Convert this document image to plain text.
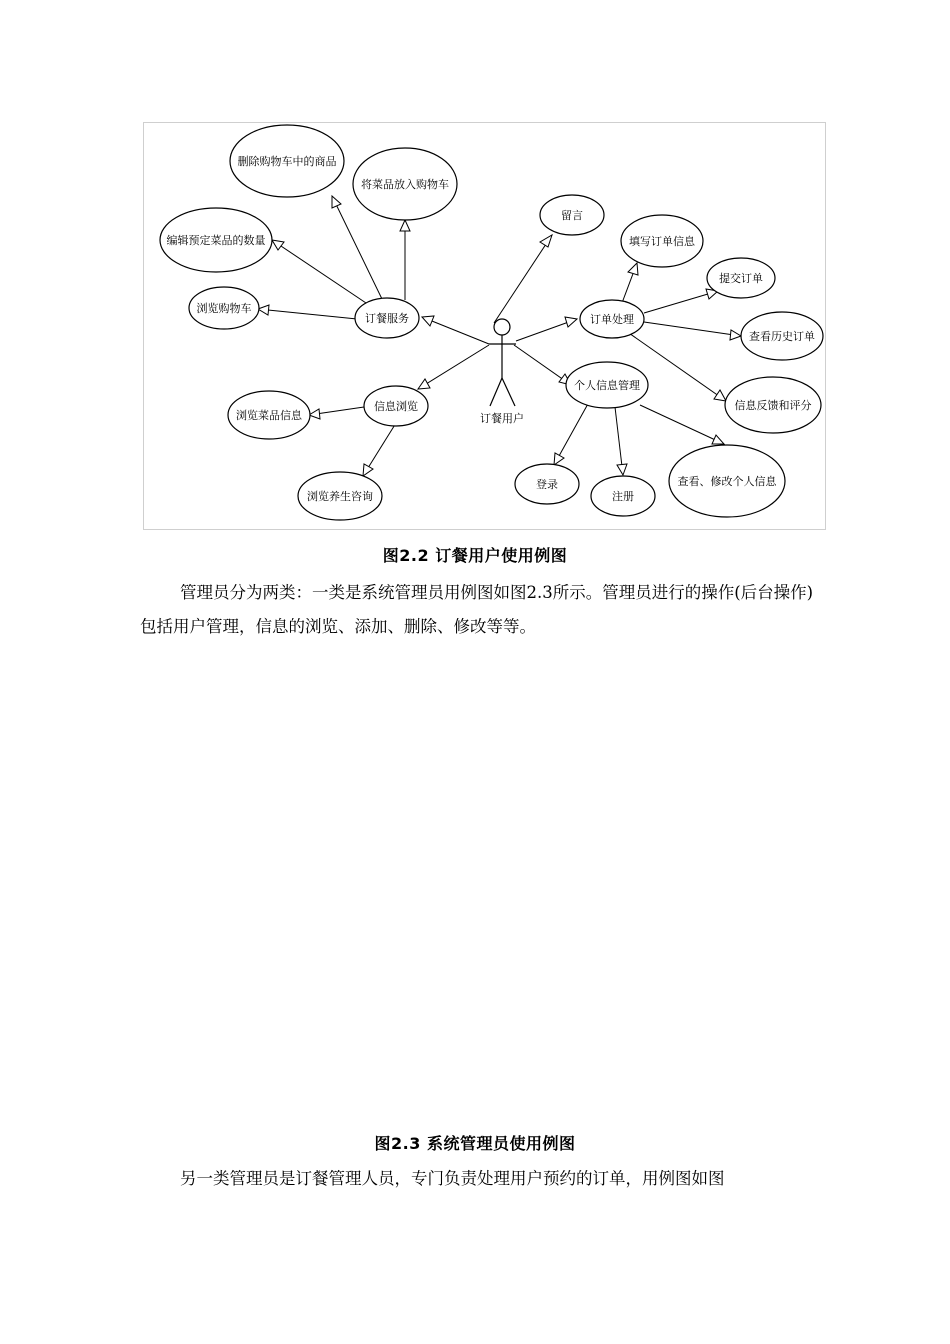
删除购物车中的商品
将菜品放入购物车
编辑预定菜品的数量
浏览购物车
订餐服务
留言
填写订单信息
订单处理
提交订单
查看历史订单
信息反馈和评分
个人信息管理
信息浏览
浏览菜品信息
浏览养生咨询
登录
注册
查看、修改个人信息
订餐用户
图2.2 订餐用户使用例图

管理员分为两类：一类是系统管理员用例图如图2.3所示。管理员进行的操作(后台操作)包括用户管理，信息的浏览、添加、删除、修改等等。

图2.3 系统管理员使用例图

另一类管理员是订餐管理人员，专门负责处理用户预约的订单，用例图如图
